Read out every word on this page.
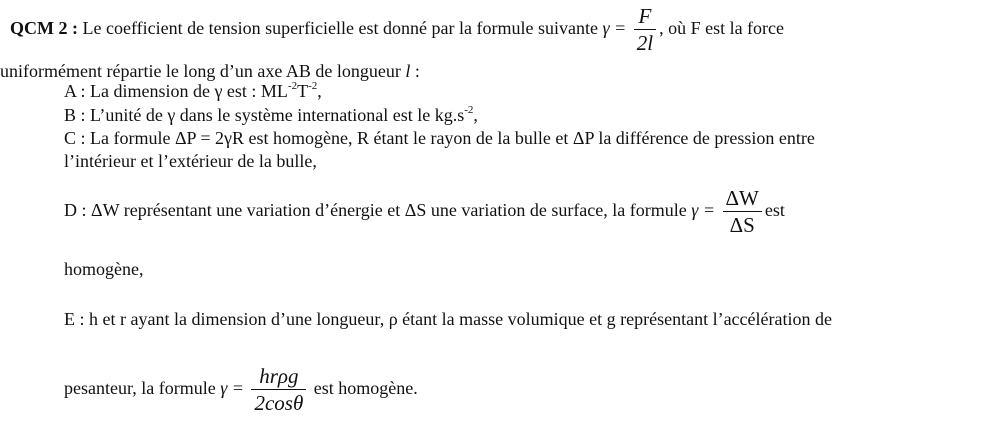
QCM 2 : Le coefficient de tension superficielle est donné par la formule suivante $\gamma = \frac{F}{2l}$ , où F est la force
uniformément répartie le long d’un axe AB de longueur l :
A : La dimension de γ est : $ML^{-2}T^{-2}$,
B : L’unité de γ dans le système international est le $kg.s^{-2}$,
C : La formule ΔP = 2γR est homogène, R étant le rayon de la bulle et ΔP la différence de pression entre
l’intérieur et l’extérieur de la bulle,
D : ΔW représentant une variation d’énergie et ΔS une variation de surface, la formule $\gamma = \frac{\Delta W}{\Delta S}$ est
homogène,
E : h et r ayant la dimension d’une longueur, ρ étant la masse volumique et g représentant l’accélération de
pesanteur, la formule $\gamma = \frac{\text{hrρg}}{2\cos\theta}$ est homogène.
